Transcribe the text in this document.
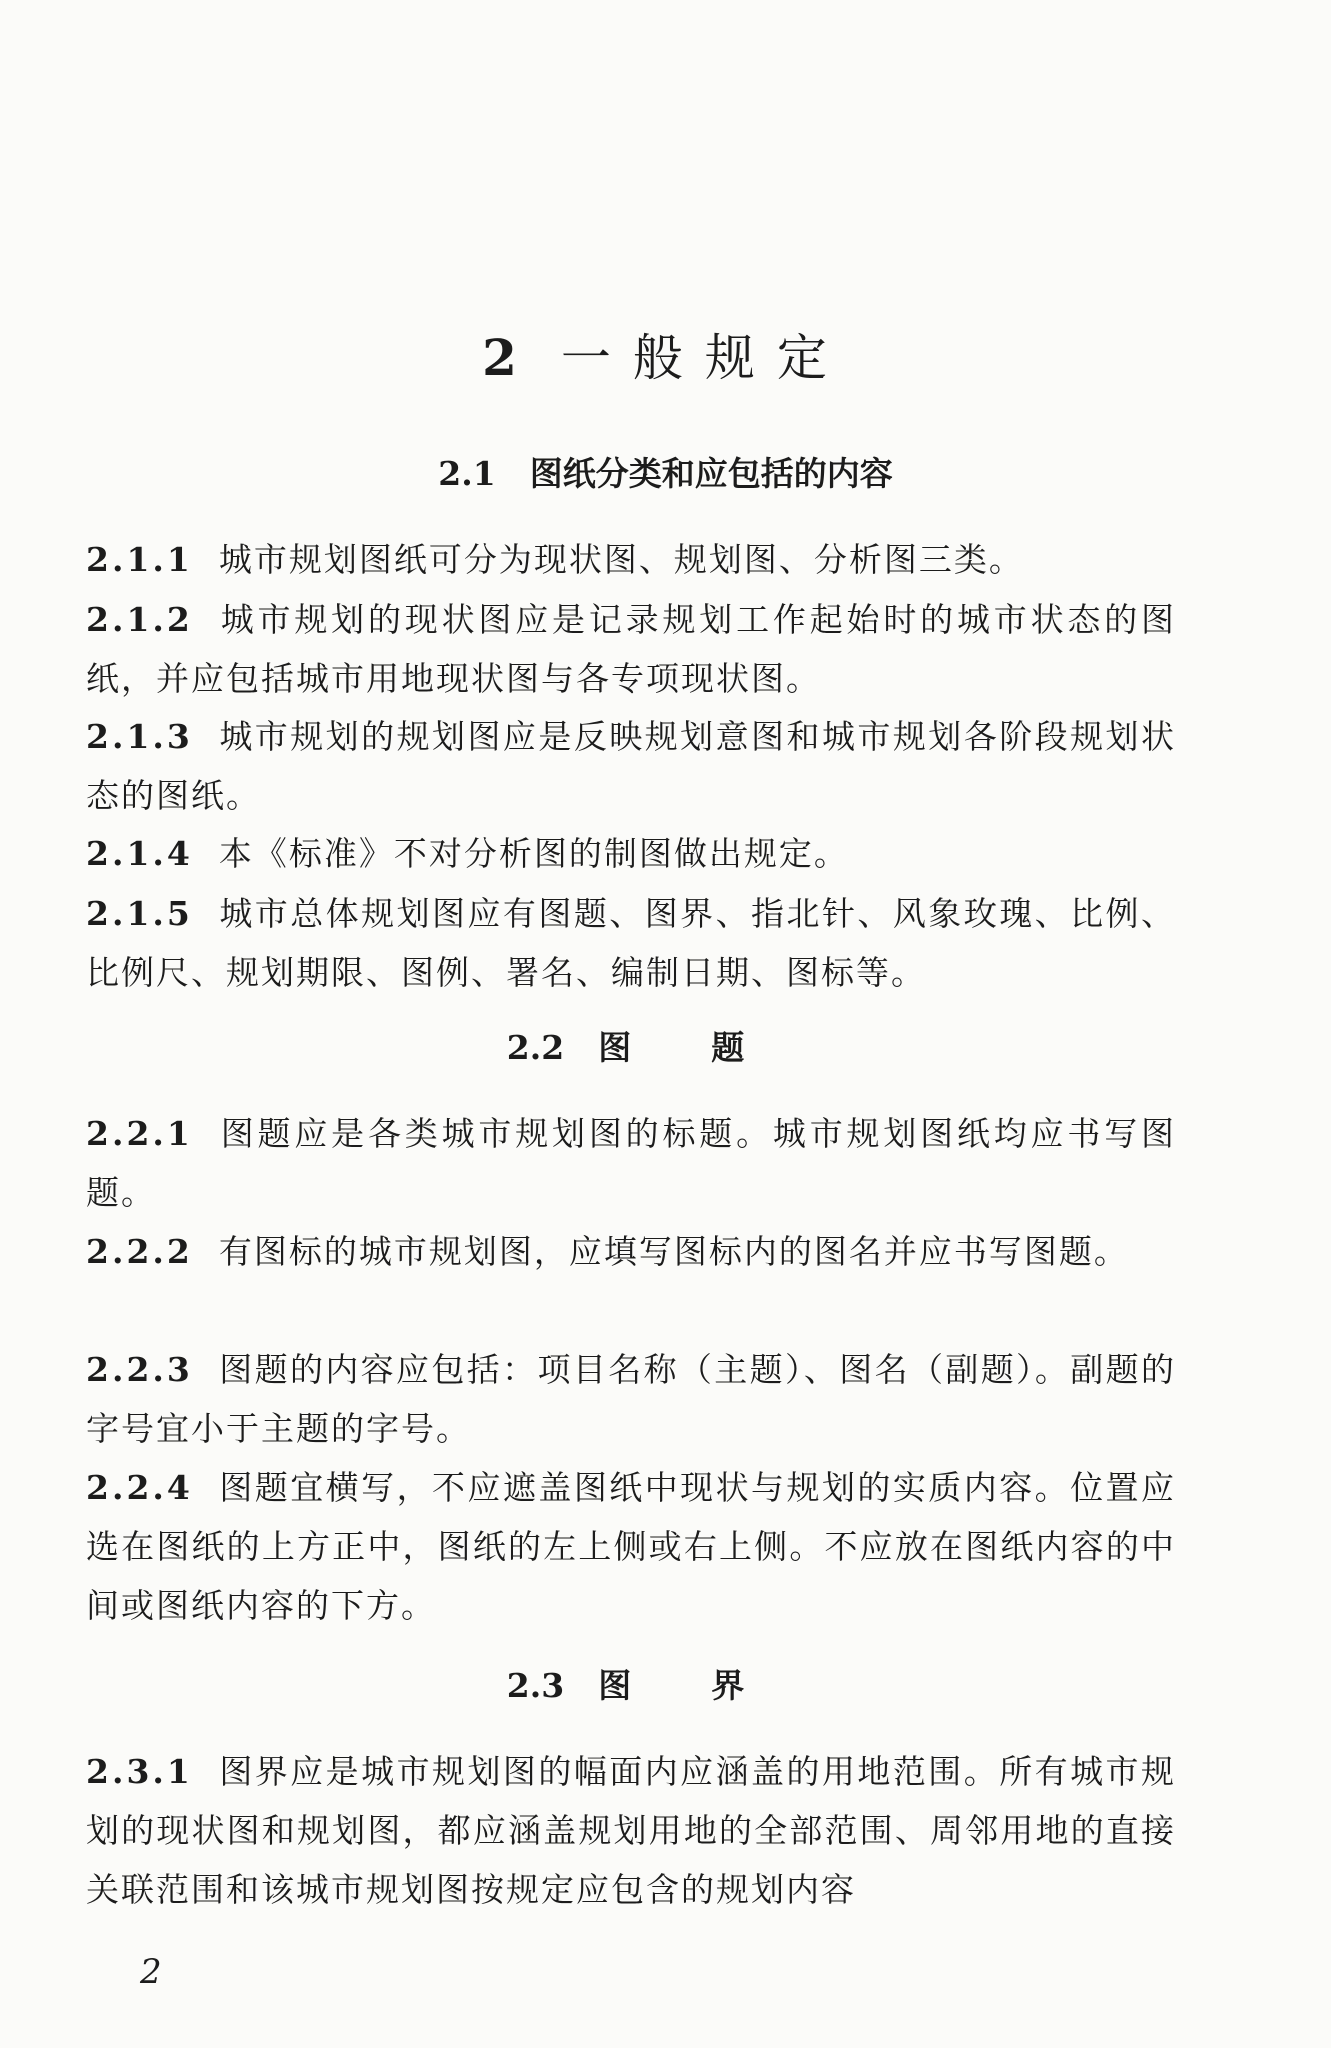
2 一般规定
2.1 图纸分类和应包括的内容
2.1.1 城市规划图纸可分为现状图、规划图、分析图三类。
2.1.2 城市规划的现状图应是记录规划工作起始时的城市状态的图纸，并应包括城市用地现状图与各专项现状图。
2.1.3 城市规划的规划图应是反映规划意图和城市规划各阶段规划状态的图纸。
2.1.4 本《标准》不对分析图的制图做出规定。
2.1.5 城市总体规划图应有图题、图界、指北针、风象玫瑰、比例、比例尺、规划期限、图例、署名、编制日期、图标等。
2.2 图题
2.2.1 图题应是各类城市规划图的标题。城市规划图纸均应书写图题。
2.2.2 有图标的城市规划图，应填写图标内的图名并应书写图题。
2.2.3 图题的内容应包括：项目名称（主题）、图名（副题）。副题的字号宜小于主题的字号。
2.2.4 图题宜横写，不应遮盖图纸中现状与规划的实质内容。位置应选在图纸的上方正中，图纸的左上侧或右上侧。不应放在图纸内容的中间或图纸内容的下方。
2.3 图界
2.3.1 图界应是城市规划图的幅面内应涵盖的用地范围。所有城市规划的现状图和规划图，都应涵盖规划用地的全部范围、周邻用地的直接关联范围和该城市规划图按规定应包含的规划内容
2
